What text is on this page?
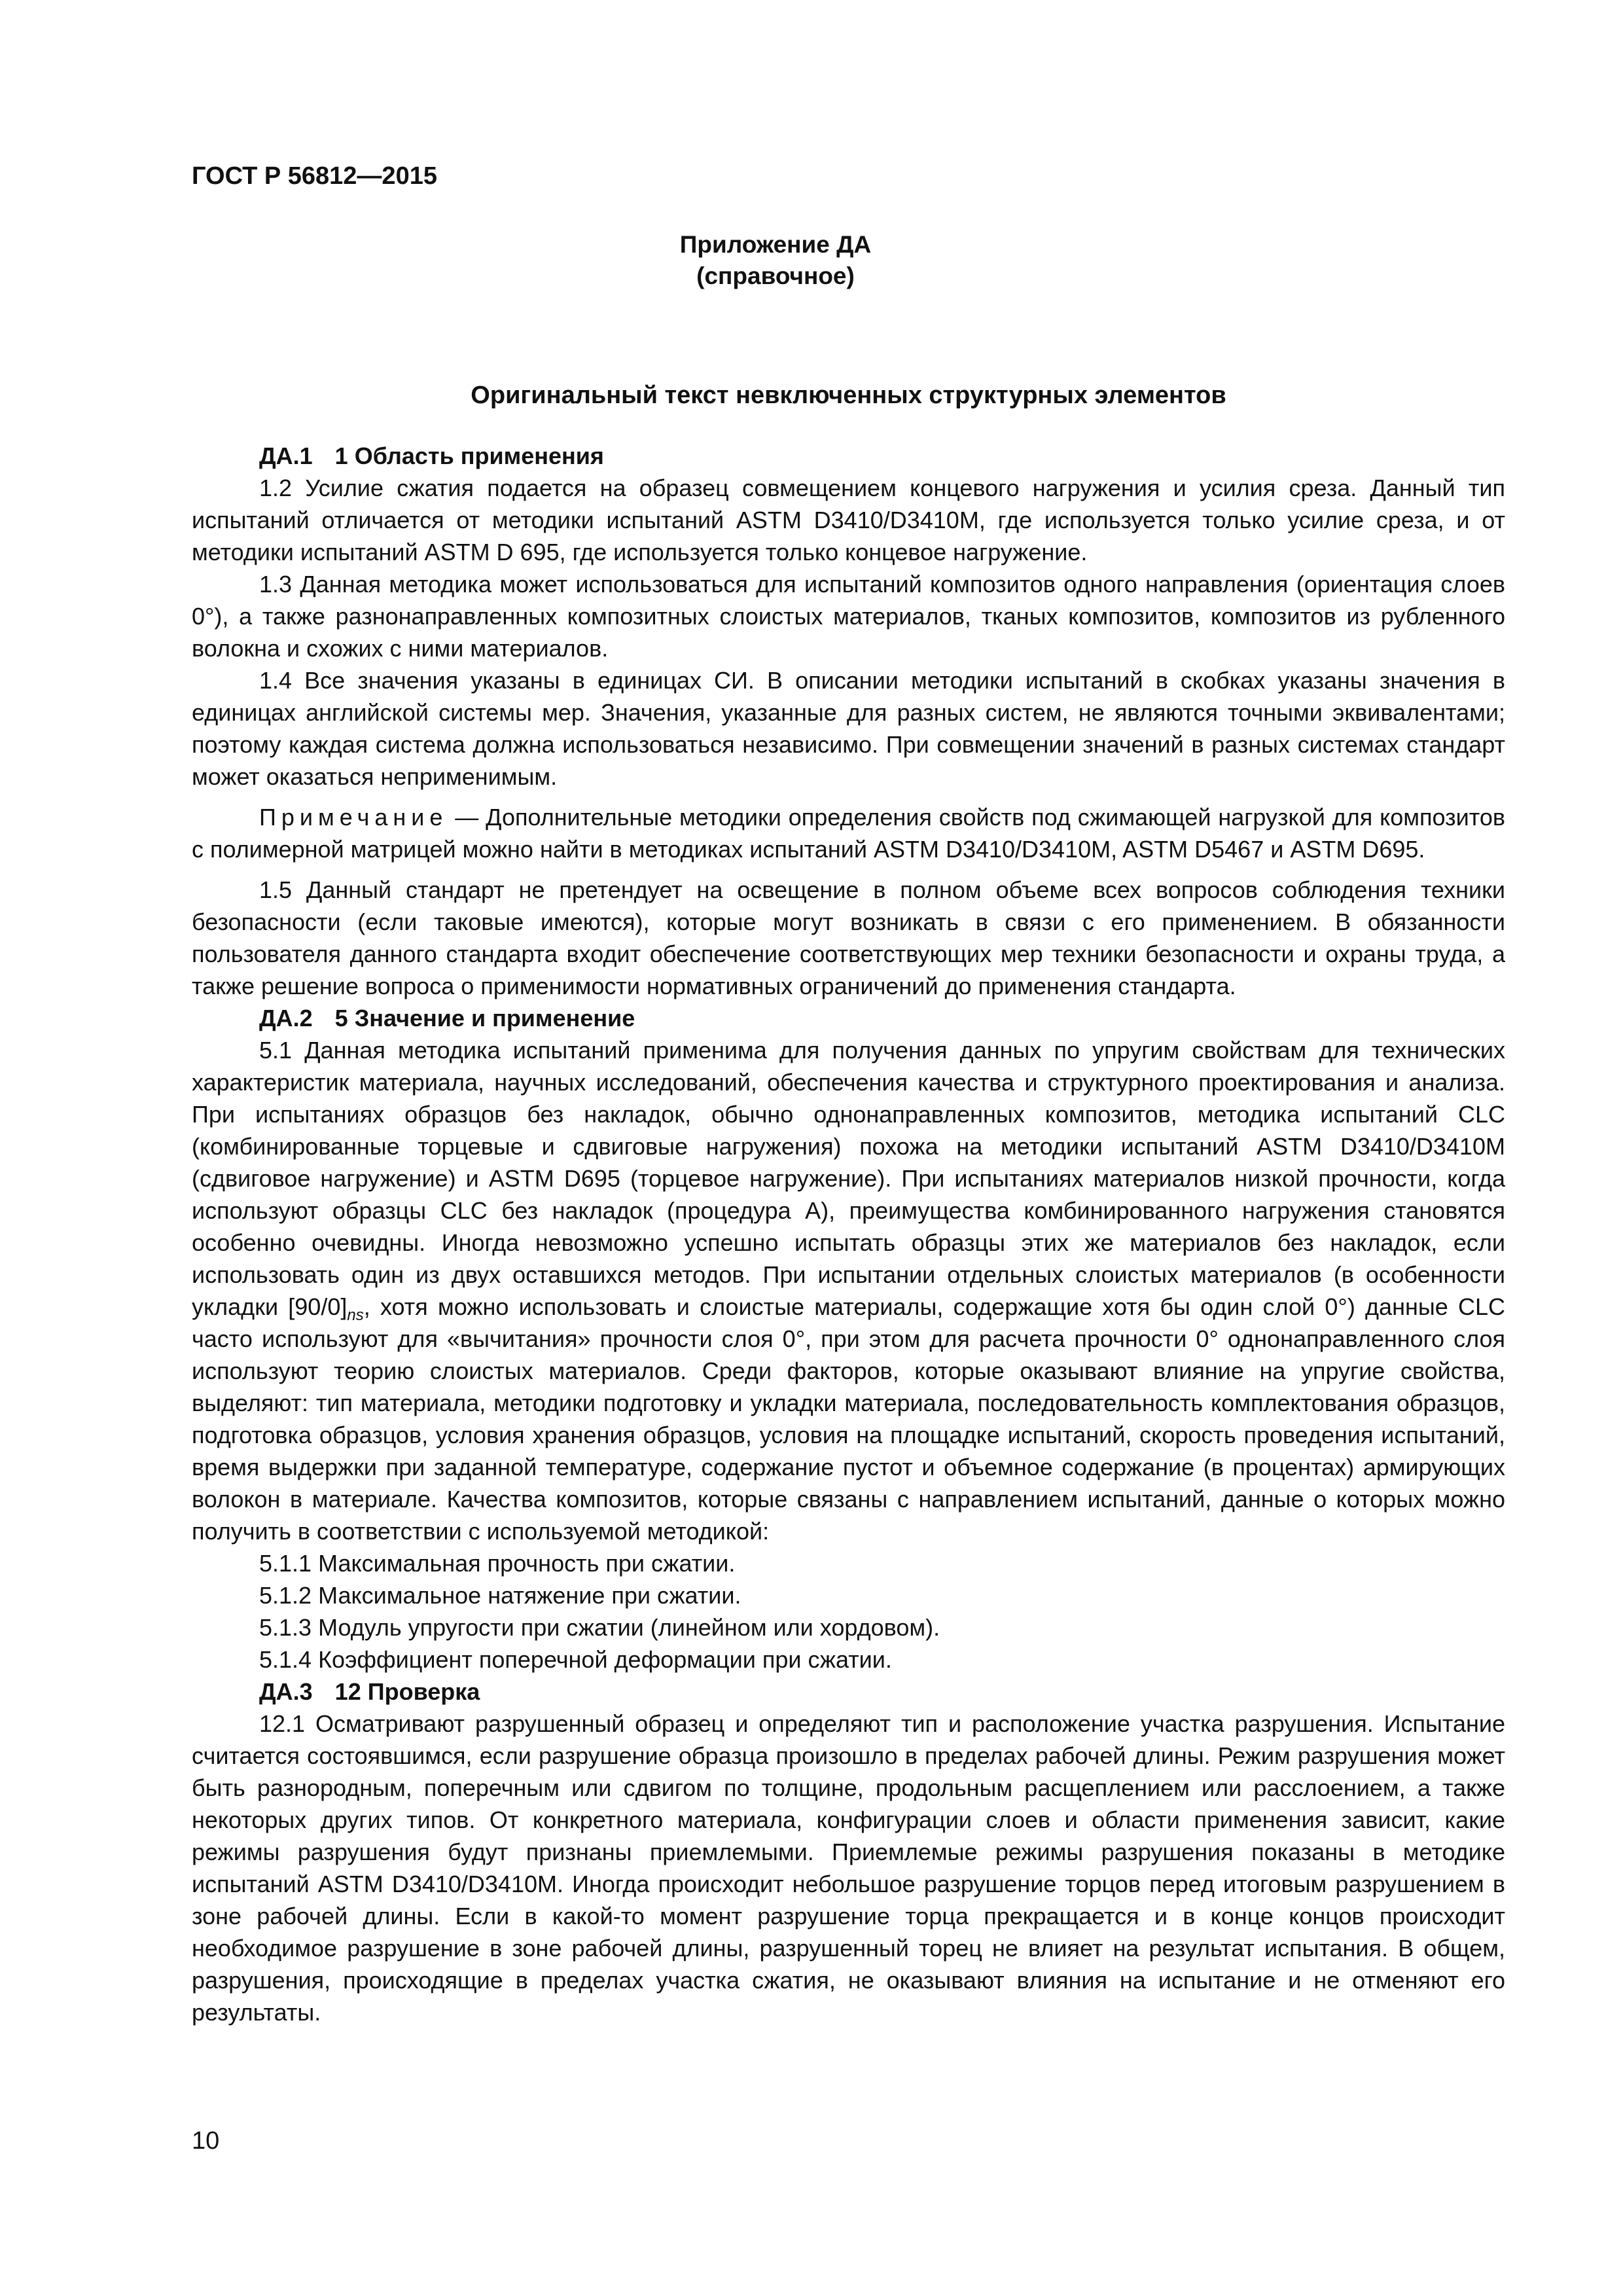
ГОСТ Р 56812—2015
Приложение ДА
(справочное)
Оригинальный текст невключенных структурных элементов
ДА.1 1 Область применения

1.2 Усилие сжатия подается на образец совмещением концевого нагружения и усилия среза. Данный тип испытаний отличается от методики испытаний ASTM D3410/D3410M, где используется только усилие среза, и от методики испытаний ASTM D 695, где используется только концевое нагружение.

1.3 Данная методика может использоваться для испытаний композитов одного направления (ориентация слоев 0°), а также разнонаправленных композитных слоистых материалов, тканых композитов, композитов из рубленного волокна и схожих с ними материалов.

1.4 Все значения указаны в единицах СИ. В описании методики испытаний в скобках указаны значения в единицах английской системы мер. Значения, указанные для разных систем, не являются точными эквивалентами; поэтому каждая система должна использоваться независимо. При совмещении значений в разных системах стандарт может оказаться неприменимым.

Примечание — Дополнительные методики определения свойств под сжимающей нагрузкой для композитов с полимерной матрицей можно найти в методиках испытаний ASTM D3410/D3410M, ASTM D5467 и ASTM D695.

1.5 Данный стандарт не претендует на освещение в полном объеме всех вопросов соблюдения техники безопасности (если таковые имеются), которые могут возникать в связи с его применением. В обязанности пользователя данного стандарта входит обеспечение соответствующих мер техники безопасности и охраны труда, а также решение вопроса о применимости нормативных ограничений до применения стандарта.

ДА.2 5 Значение и применение

5.1 Данная методика испытаний применима для получения данных по упругим свойствам для технических характеристик материала, научных исследований, обеспечения качества и структурного проектирования и анализа. При испытаниях образцов без накладок, обычно однонаправленных композитов, методика испытаний CLC (комбинированные торцевые и сдвиговые нагружения) похожа на методики испытаний ASTM D3410/D3410M (сдвиговое нагружение) и ASTM D695 (торцевое нагружение). При испытаниях материалов низкой прочности, когда используют образцы CLC без накладок (процедура A), преимущества комбинированного нагружения становятся особенно очевидны. Иногда невозможно успешно испытать образцы этих же материалов без накладок, если использовать один из двух оставшихся методов. При испытании отдельных слоистых материалов (в особенности укладки $[90/0]_{ns}$, хотя можно использовать и слоистые материалы, содержащие хотя бы один слой 0°) данные CLC часто используют для «вычитания» прочности слоя 0°, при этом для расчета прочности 0° однонаправленного слоя используют теорию слоистых материалов. Среди факторов, которые оказывают влияние на упругие свойства, выделяют: тип материала, методики подготовку и укладки материала, последовательность комплектования образцов, подготовка образцов, условия хранения образцов, условия на площадке испытаний, скорость проведения испытаний, время выдержки при заданной температуре, содержание пустот и объемное содержание (в процентах) армирующих волокон в материале. Качества композитов, которые связаны с направлением испытаний, данные о которых можно получить в соответствии с используемой методикой:

5.1.1 Максимальная прочность при сжатии.

5.1.2 Максимальное натяжение при сжатии.

5.1.3 Модуль упругости при сжатии (линейном или хордовом).

5.1.4 Коэффициент поперечной деформации при сжатии.

ДА.3 12 Проверка

12.1 Осматривают разрушенный образец и определяют тип и расположение участка разрушения. Испытание считается состоявшимся, если разрушение образца произошло в пределах рабочей длины. Режим разрушения может быть разнородным, поперечным или сдвигом по толщине, продольным расщеплением или расслоением, а также некоторых других типов. От конкретного материала, конфигурации слоев и области применения зависит, какие режимы разрушения будут признаны приемлемыми. Приемлемые режимы разрушения показаны в методике испытаний ASTM D3410/D3410M. Иногда происходит небольшое разрушение торцов перед итоговым разрушением в зоне рабочей длины. Если в какой-то момент разрушение торца прекращается и в конце концов происходит необходимое разрушение в зоне рабочей длины, разрушенный торец не влияет на результат испытания. В общем, разрушения, происходящие в пределах участка сжатия, не оказывают влияния на испытание и не отменяют его результаты.

10
